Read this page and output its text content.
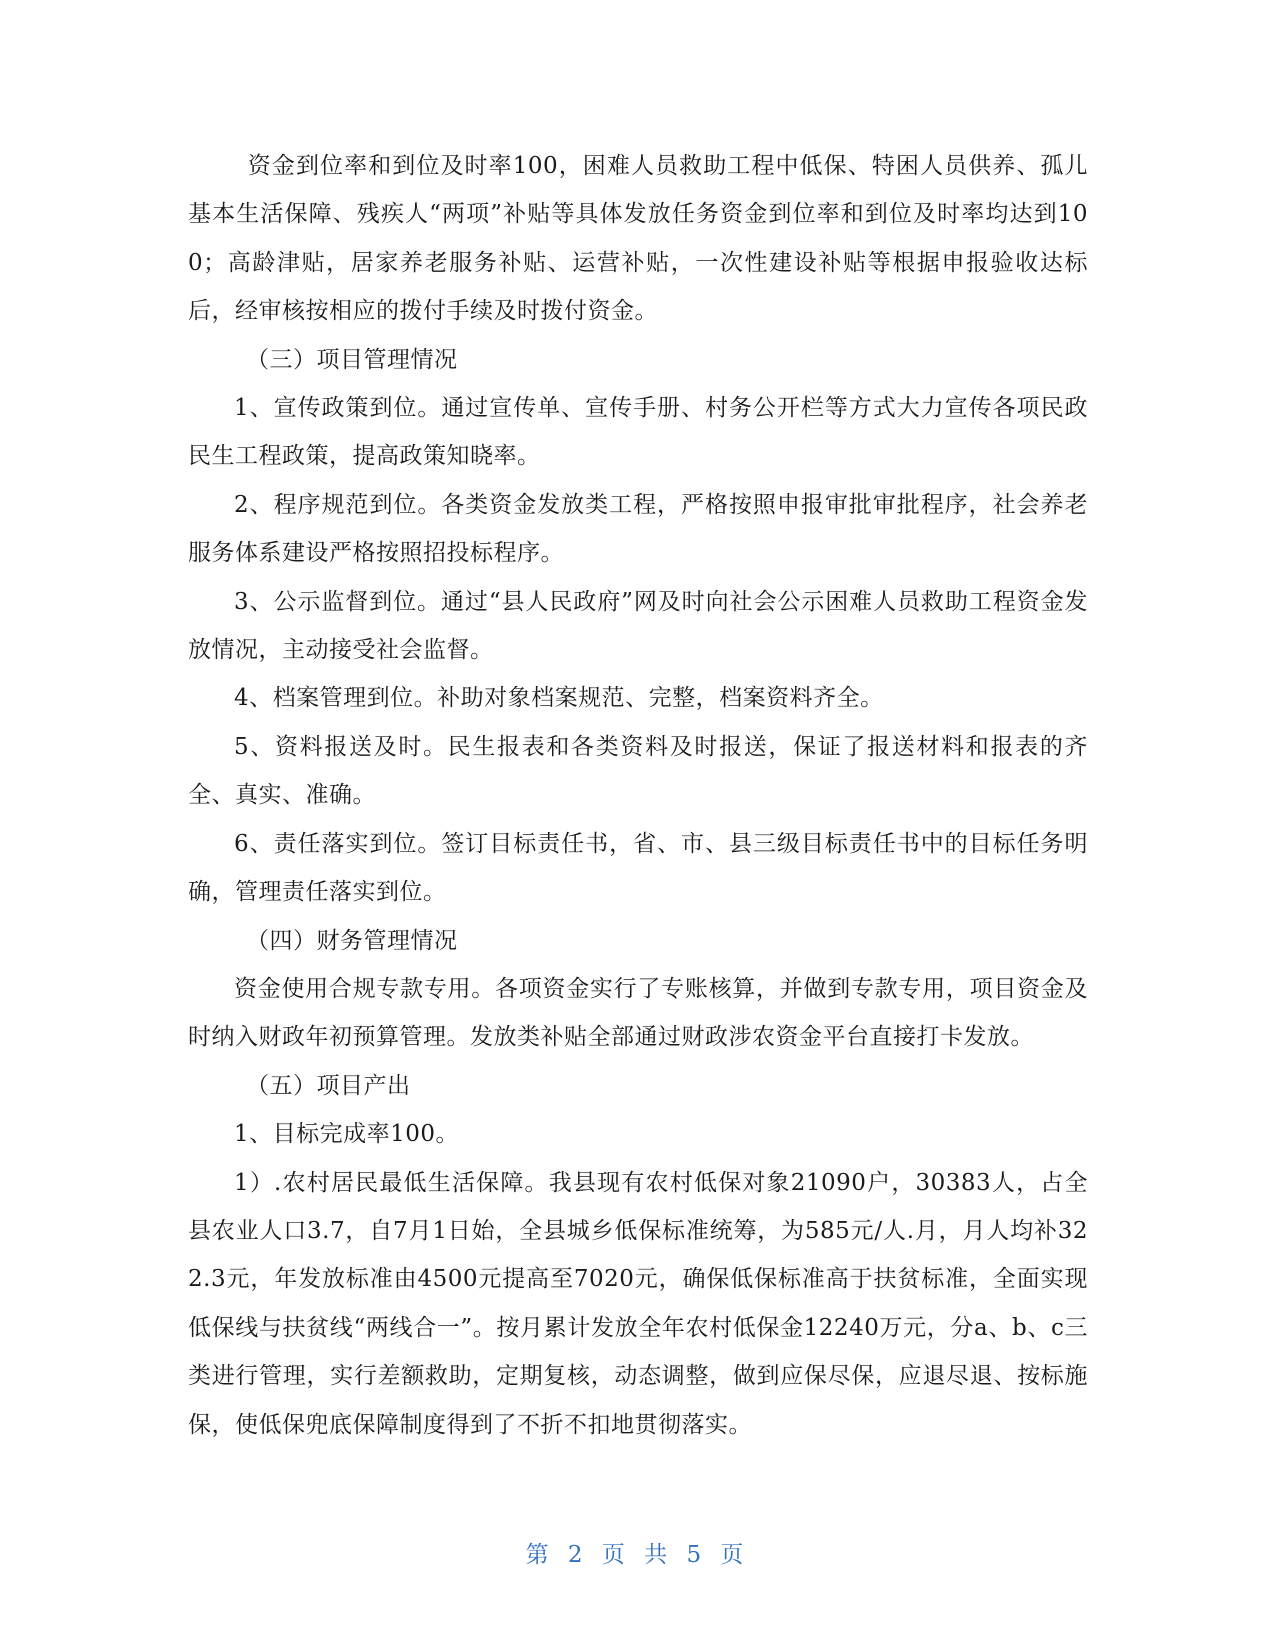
资金到位率和到位及时率100，困难人员救助工程中低保、特困人员供养、孤儿基本生活保障、残疾人“两项”补贴等具体发放任务资金到位率和到位及时率均达到100；高龄津贴，居家养老服务补贴、运营补贴，一次性建设补贴等根据申报验收达标后，经审核按相应的拨付手续及时拨付资金。

（三）项目管理情况

1、宣传政策到位。通过宣传单、宣传手册、村务公开栏等方式大力宣传各项民政民生工程政策，提高政策知晓率。

2、程序规范到位。各类资金发放类工程，严格按照申报审批审批程序，社会养老服务体系建设严格按照招投标程序。

3、公示监督到位。通过“县人民政府”网及时向社会公示困难人员救助工程资金发放情况，主动接受社会监督。

4、档案管理到位。补助对象档案规范、完整，档案资料齐全。

5、资料报送及时。民生报表和各类资料及时报送，保证了报送材料和报表的齐全、真实、准确。

6、责任落实到位。签订目标责任书，省、市、县三级目标责任书中的目标任务明确，管理责任落实到位。

（四）财务管理情况

资金使用合规专款专用。各项资金实行了专账核算，并做到专款专用，项目资金及时纳入财政年初预算管理。发放类补贴全部通过财政涉农资金平台直接打卡发放。

（五）项目产出

1、目标完成率100。

1）.农村居民最低生活保障。我县现有农村低保对象21090户，30383人，占全县农业人口3.7，自7月1日始，全县城乡低保标准统筹，为585元/人.月，月人均补322.3元，年发放标准由4500元提高至7020元，确保低保标准高于扶贫标准，全面实现低保线与扶贫线“两线合一”。按月累计发放全年农村低保金12240万元，分a、b、c三类进行管理，实行差额救助，定期复核，动态调整，做到应保尽保，应退尽退、按标施保，使低保兜底保障制度得到了不折不扣地贯彻落实。

第 2 页 共 5 页
